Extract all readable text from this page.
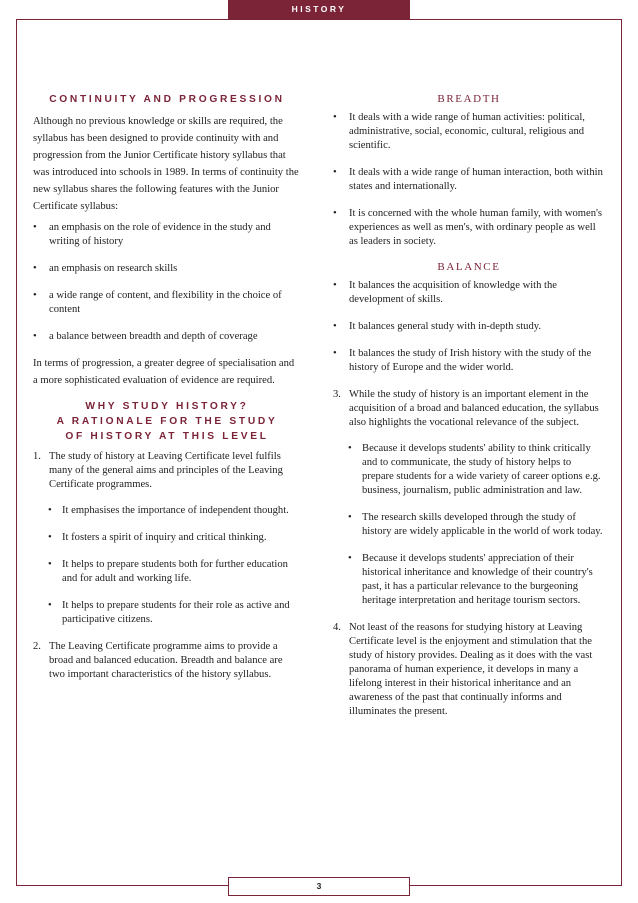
HISTORY
CONTINUITY AND PROGRESSION

Although no previous knowledge or skills are required, the syllabus has been designed to provide continuity with and progression from the Junior Certificate history syllabus that was introduced into schools in 1989. In terms of continuity the new syllabus shares the following features with the Junior Certificate syllabus:

• an emphasis on the role of evidence in the study and writing of history
• an emphasis on research skills
• a wide range of content, and flexibility in the choice of content
• a balance between breadth and depth of coverage

In terms of progression, a greater degree of specialisation and a more sophisticated evaluation of evidence are required.

WHY STUDY HISTORY?
A RATIONALE FOR THE STUDY
OF HISTORY AT THIS LEVEL
1. The study of history at Leaving Certificate level fulfils many of the general aims and principles of the Leaving Certificate programmes.
• It emphasises the importance of independent thought.
• It fosters a spirit of inquiry and critical thinking.
• It helps to prepare students both for further education and for adult and working life.
• It helps to prepare students for their role as active and participative citizens.
2. The Leaving Certificate programme aims to provide a broad and balanced education. Breadth and balance are two important characteristics of the history syllabus.
BREADTH
• It deals with a wide range of human activities: political, administrative, social, economic, cultural, religious and scientific.
• It deals with a wide range of human interaction, both within states and internationally.
• It is concerned with the whole human family, with women's experiences as well as men's, with ordinary people as well as leaders in society.
BALANCE
• It balances the acquisition of knowledge with the development of skills.
• It balances general study with in-depth study.
• It balances the study of Irish history with the study of the history of Europe and the wider world.
3. While the study of history is an important element in the acquisition of a broad and balanced education, the syllabus also highlights the vocational relevance of the subject.
• Because it develops students' ability to think critically and to communicate, the study of history helps to prepare students for a wide variety of career options e.g. business, journalism, public administration and law.
• The research skills developed through the study of history are widely applicable in the world of work today.
• Because it develops students' appreciation of their historical inheritance and knowledge of their country's past, it has a particular relevance to the burgeoning heritage interpretation and heritage tourism sectors.
4. Not least of the reasons for studying history at Leaving Certificate level is the enjoyment and stimulation that the study of history provides. Dealing as it does with the vast panorama of human experience, it develops in many a lifelong interest in their historical inheritance and an awareness of the past that continually informs and illuminates the present.
3
